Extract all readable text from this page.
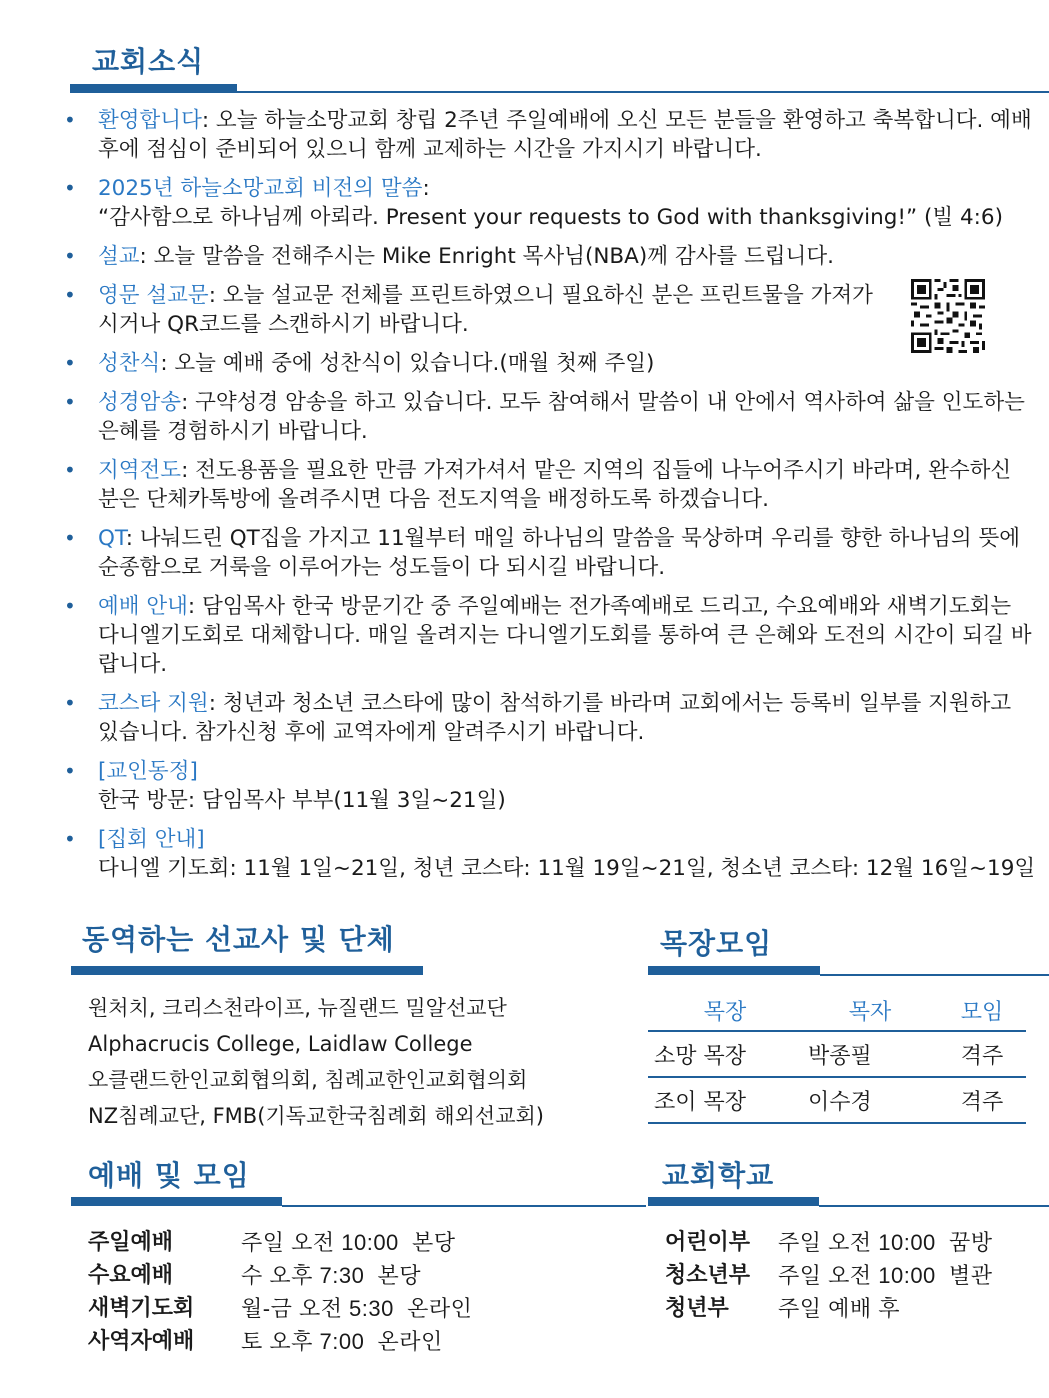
교회소식
• 환영합니다: 오늘 하늘소망교회 창립 2주년 주일예배에 오신 모든 분들을 환영하고 축복합니다. 예배 후에 점심이 준비되어 있으니 함께 교제하는 시간을 가지시기 바랍니다.
• 2025년 하늘소망교회 비전의 말씀:
“감사함으로 하나님께 아뢰라. Present your requests to God with thanksgiving!” (빌 4:6)
• 설교: 오늘 말씀을 전해주시는 Mike Enright 목사님(NBA)께 감사를 드립니다.
• 영문 설교문: 오늘 설교문 전체를 프린트하였으니 필요하신 분은 프린트물을 가져가시거나 QR코드를 스캔하시기 바랍니다.
• 성찬식: 오늘 예배 중에 성찬식이 있습니다.(매월 첫째 주일)
• 성경암송: 구약성경 암송을 하고 있습니다. 모두 참여해서 말씀이 내 안에서 역사하여 삶을 인도하는 은혜를 경험하시기 바랍니다.
• 지역전도: 전도용품을 필요한 만큼 가져가셔서 맡은 지역의 집들에 나누어주시기 바라며, 완수하신 분은 단체카톡방에 올려주시면 다음 전도지역을 배정하도록 하겠습니다.
• QT: 나눠드린 QT집을 가지고 11월부터 매일 하나님의 말씀을 묵상하며 우리를 향한 하나님의 뜻에 순종함으로 거룩을 이루어가는 성도들이 다 되시길 바랍니다.
• 예배 안내: 담임목사 한국 방문기간 중 주일예배는 전가족예배로 드리고, 수요예배와 새벽기도회는 다니엘기도회로 대체합니다. 매일 올려지는 다니엘기도회를 통하여 큰 은혜와 도전의 시간이 되길 바랍니다.
• 코스타 지원: 청년과 청소년 코스타에 많이 참석하기를 바라며 교회에서는 등록비 일부를 지원하고 있습니다. 참가신청 후에 교역자에게 알려주시기 바랍니다.
• [교인동정]
한국 방문: 담임목사 부부(11월 3일~21일)
• [집회 안내]
다니엘 기도회: 11월 1일~21일, 청년 코스타: 11월 19일~21일, 청소년 코스타: 12월 16일~19일
동역하는 선교사 및 단체
원처치, 크리스천라이프, 뉴질랜드 밀알선교단
Alphacrucis College, Laidlaw College
오클랜드한인교회협의회, 침례교한인교회협의회
NZ침례교단, FMB(기독교한국침례회 해외선교회)
목장모임
목장	목자	모임
소망 목장	박종필	격주
조이 목장	이수경	격주
예배 및 모임
주일예배	주일 오전 10:00  본당
수요예배	수 오후 7:30  본당
새벽기도회	월-금 오전 5:30  온라인
사역자예배	토 오후 7:00  온라인
교회학교
어린이부	주일 오전 10:00  꿈방
청소년부	주일 오전 10:00  별관
청년부	주일 예배 후
